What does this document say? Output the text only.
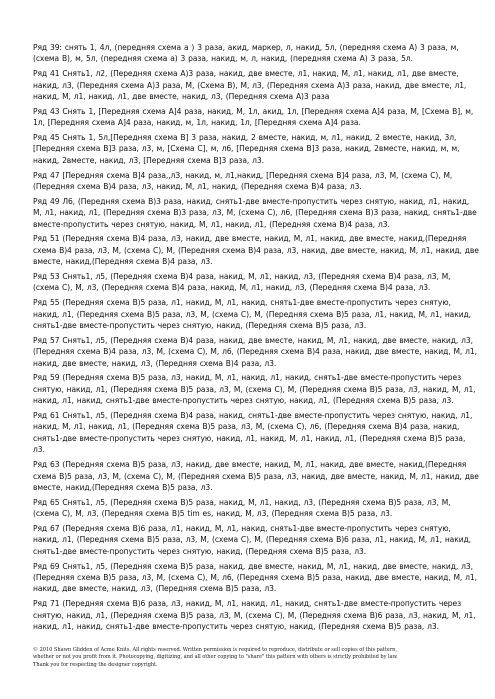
Ряд 39: снять 1, 4л, (передняя схема а ) 3 раза, акид, маркер, л, накид, 5л, (передняя схема А) 3 раза, м, (схема В), м, 5л, (передняя схема а) 3 раза, накид, м, л, накид, (передняя схема А) 3 раза, 5л.

Ряд 41 Снять1, л2, (Передняя схема А)3 раза, накид, две вместе, л1, накид, М, л1, накид, л1, две вместе, накид, л3, (Передняя схема А)3 раза, М, (Схема В), М, л3, (Передняя схема А)3 раза, накид, две вместе, л1, накид, М, л1, накид, л1, две вместе, накид, л3, (Передняя схема А)3 раза

Ряд 43 Снять 1, [Передняя схема А]4 раза, накид, М, 1л, акид, 1л, [Передняя схема А]4 раза, М, [Схема В], м, 1л, [Передняя схема А]4 раза, накид, м, 1л, накид, 1л, [Передняя схема А]4 раза.

Ряд 45 Снять 1, 5л,[Передняя схема В] 3 раза, накид, 2 вместе, накид, м, л1, накид, 2 вместе, накид, 3л, [Передняя схема В]3 раза, л3, м, [Схема С], м, л6, [Передняя схема В]3 раза, накид, 2вместе, накид, м, м, накид, 2вместе, накид, л3, [Передняя схема В]3 раза, л3.

Ряд 47 [Передняя схема В]4 раза,,лЗ, накид, м, л1,накид, [Передняя схема В]4 раза, л3, М, (схема С), М, (Передняя схема В)4 раза, л3, накид, М, л1, накид, (Передняя схема В)4 раза, л3.

Ряд 49 Л6, (Передняя схема В)3 раза, накид, снять1-две вместе-пропустить через снятую, накид, л1, накид, М, л1, накид, л1, (Передняя схема В)3 раза, л3, М, (схема С), л6, (Передняя схема В)3 раза, накид, снять1-две вместе-пропустить через снятую, накид, М, л1, накид, л1, (Передняя схема В)4 раза, л3.

Ряд 51 (Передняя схема В)4 раза, л3, накид, две вместе, накид, М, л1, накид, две вместе, накид,(Передняя схема В)4 раза, л3, М, (схема С), М, (Передняя схема В)4 раза, л3, накид, две вместе, накид, М, л1, накид, две вместе, накид,(Передняя схема В)4 раза, л3.

Ряд 53 Снять1, л5, (Передняя схема В)4 раза, накид, М, л1, накид, л3, (Передняя схема В)4 раза, л3, М, (схема С), М, л3, (Передняя схема В)4 раза, накид, М, л1, накид, л3, (Передняя схема В)4 раза, л3.

Ряд 55 (Передняя схема В)5 раза, л1, накид, М, л1, накид, снять1-две вместе-пропустить через снятую, накид, л1, (Передняя схема В)5 раза, л3, М, (схема С), М, (Передняя схема В)5 раза, л1, накид, М, л1, накид, снять1-две вместе-пропустить через снятую, накид, (Передняя схема В)5 раза, л3.

Ряд 57 Снять1, л5, (Передняя схема В)4 раза, накид, две вместе, накид, М, л1, накид, две вместе, накид, л3, (Передняя схема В)4 раза, л3, М, (схема С), М, л6, (Передняя схема В)4 раза, накид, две вместе, накид, М, л1, накид, две вместе, накид, л3, (Передняя схема В)4 раза, л3.

Ряд 59 (Передняя схема В)5 раза, л3, накид, М, л1, накид, л1, накид, снять1-две вместе-пропустить через снятую, накид, л1, (Передняя схема В)5 раза, л3, М, (схема С), М, (Передняя схема В)5 раза, л3, накид, М, л1, накид, л1, накид, снять1-две вместе-пропустить через снятую, накид, л1, (Передняя схема В)5 раза, л3.

Ряд 61 Снять1, л5, (Передняя схема В)4 раза, накид, снять1-две вместе-пропустить через снятую, накид, л1, накид, М, л1, накид, л1, (Передняя схема В)5 раза, л3, М, (схема С), л6, (Передняя схема В)4 раза, накид, снять1-две вместе-пропустить через снятую, накид, л1, накид, М, л1, накид, л1, (Передняя схема В)5 раза, л3.

Ряд 63 (Передняя схема В)5 раза, л3, накид, две вместе, накид, М, л1, накид, две вместе, накид,(Передняя схема В)5 раза, л3, М, (схема С), М, (Передняя схема В)5 раза, л3, накид, две вместе, накид, М, л1, накид, две вместе, накид,(Передняя схема В)5 раза, л3.

Ряд 65 Снять1, л5, (Передняя схема В)5 раза, накид, М, л1, накид, л3, (Передняя схема В)5 раза, л3, М, (схема С), М, л3, (Передняя схема В)5 tim es, накид, М, л3, (Передняя схема В)5 раза, л3.

Ряд 67 (Передняя схема В)6 раза, л1, накид, М, л1, накид, снять1-две вместе-пропустить через снятую, накид, л1, (Передняя схема В)5 раза, л3, М, (схема С), М, (Передняя схема В)6 раза, л1, накид, М, л1, накид, снять1-две вместе-пропустить через снятую, накид, (Передняя схема В)5 раза, л3.

Ряд 69 Снять1, л5, (Передняя схема В)5 раза, накид, две вместе, накид, М, л1, накид, две вместе, накид, л3, (Передняя схема В)5 раза, л3, М, (схема С), М, л6, (Передняя схема В)5 раза, накид, две вместе, накид, М, л1, накид, две вместе, накид, л3, (Передняя схема В)5 раза, л3.

Ряд 71 (Передняя схема В)6 раза, л3, накид, М, л1, накид, л1, накид, снять1-две вместе-пропустить через снятую, накид, л1, (Передняя схема В)5 раза, л3, М, (схема С), М, (Передняя схема В)6 раза, л3, накид, М, л1, накид, л1, накид, снять1-две вместе-пропустить через снятую, накид, (Передняя схема В)5 раза, л3.

© 2010 Shawn Glidden of Acme Knits. All rights reserved. Written permission is required to reproduce, distribute or sell copies of this pattern,
whether or not you profit from it. Photocopying, digitizing, and all other copying to "share" this pattern with others is strictly prohibited by law.
Thank you for respecting the designer copyright.
